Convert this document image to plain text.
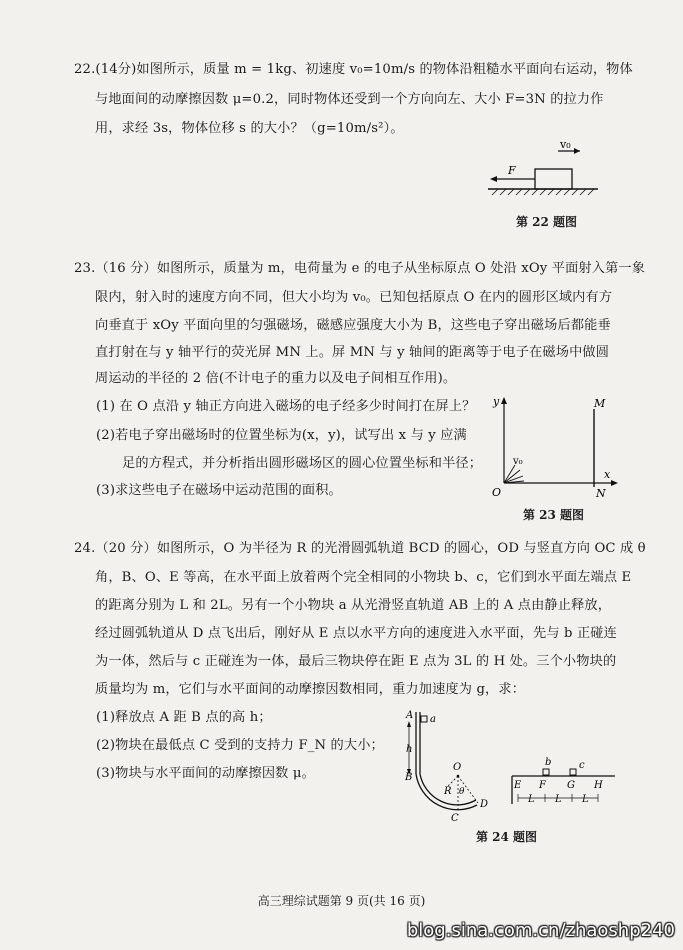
22.(14分)如图所示，质量 m = 1kg、初速度 v₀=10m/s 的物体沿粗糙水平面向右运动，物体
与地面间的动摩擦因数 μ=0.2，同时物体还受到一个方向向左、大小 F=3N 的拉力作
用，求经 3s，物体位移 s 的大小？（g=10m/s²）。
v₀
F
第 22 题图
23.（16 分）如图所示，质量为 m，电荷量为 e 的电子从坐标原点 O 处沿 xOy 平面射入第一象
限内，射入时的速度方向不同，但大小均为 v₀。已知包括原点 O 在内的圆形区域内有方
向垂直于 xOy 平面向里的匀强磁场，磁感应强度大小为 B，这些电子穿出磁场后都能垂
直打射在与 y 轴平行的荧光屏 MN 上。屏 MN 与 y 轴间的距离等于电子在磁场中做圆
周运动的半径的 2 倍(不计电子的重力以及电子间相互作用)。
(1) 在 O 点沿 y 轴正方向进入磁场的电子经多少时间打在屏上？
(2)若电子穿出磁场时的位置坐标为(x，y)，试写出 x 与 y 应满
足的方程式，并分析指出圆形磁场区的圆心位置坐标和半径；
(3)求这些电子在磁场中运动范围的面积。
y
x
O
M
N
v₀
第 23 题图
24.（20 分）如图所示，O 为半径为 R 的光滑圆弧轨道 BCD 的圆心，OD 与竖直方向 OC 成 θ
角，B、O、E 等高，在水平面上放着两个完全相同的小物块 b、c，它们到水平面左端点 E
的距离分别为 L 和 2L。另有一个小物块 a 从光滑竖直轨道 AB 上的 A 点由静止释放，
经过圆弧轨道从 D 点飞出后，刚好从 E 点以水平方向的速度进入水平面，先与 b 正碰连
为一体，然后与 c 正碰连为一体，最后三物块停在距 E 点为 3L 的 H 处。三个小物块的
质量均为 m，它们与水平面间的动摩擦因数相同，重力加速度为 g，求：
(1)释放点 A 距 B 点的高 h；
(2)物块在最低点 C 受到的支持力 F_N 的大小；
(3)物块与水平面间的动摩擦因数 μ。
a
A
h
B
O
R θ
C
D
E F G H
b	c
L L L
第 24 题图
高三理综试题第 9 页(共 16 页)
blog.sina.com.cn/zhaoshp240
